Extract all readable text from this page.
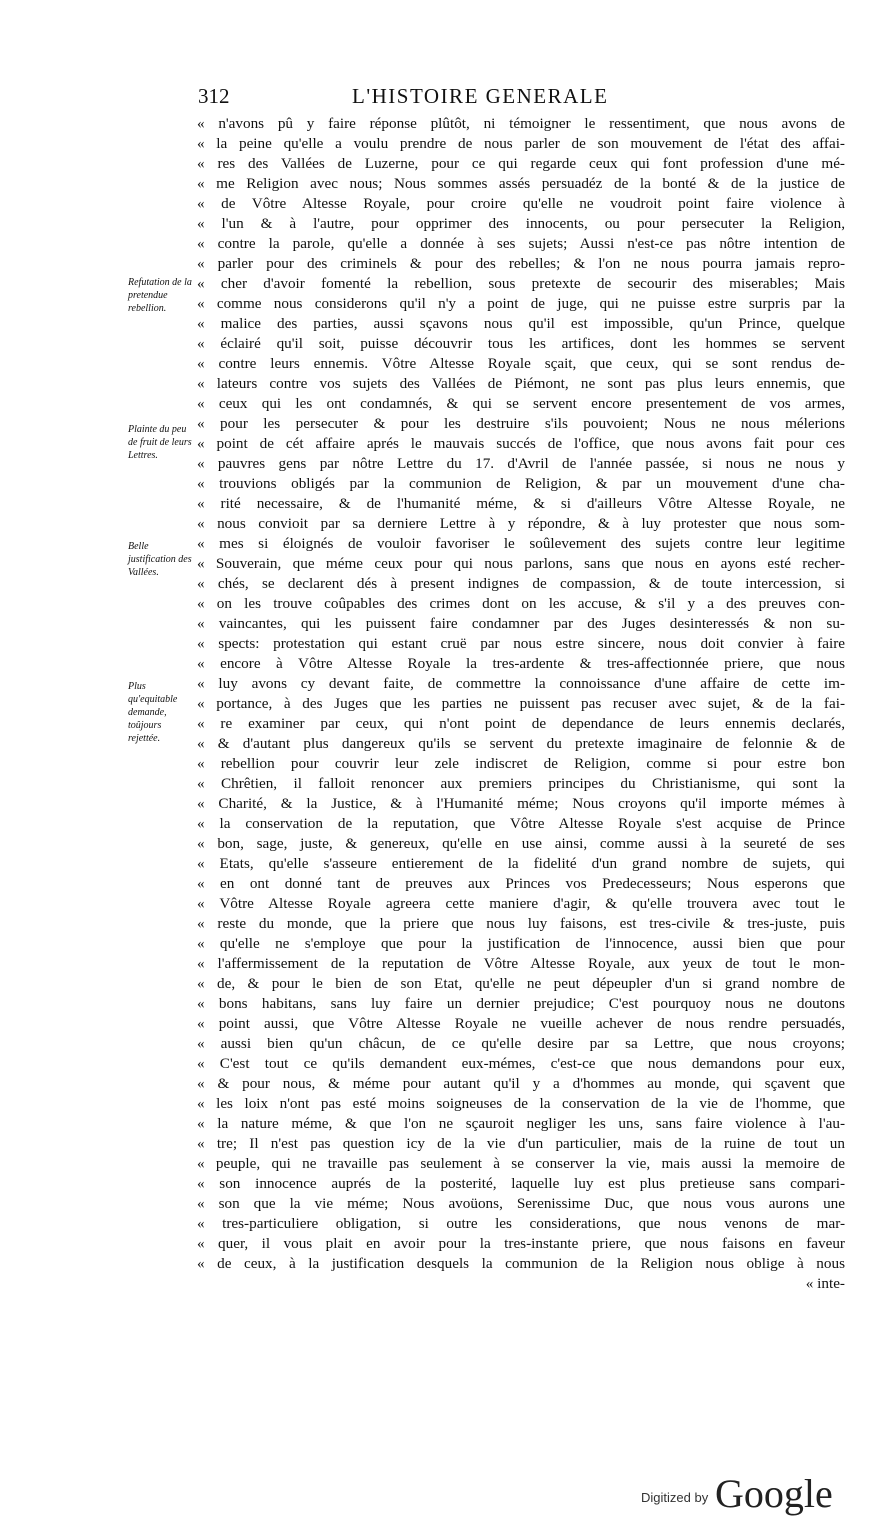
312	L'HISTOIRE GENERALE
Refutation de la pretendue rebellion.
Plainte du peu de fruit de leurs Lettres.
Belle justification des Vallées.
Plus qu'equitable demande, toûjours rejettée.
« n'avons pû y faire réponse plûtôt, ni témoigner le ressentiment, que nous avons de
« la peine qu'elle a voulu prendre de nous parler de son mouvement de l'état des affai-
« res des Vallées de Luzerne, pour ce qui regarde ceux qui font profession d'une mé-
« me Religion avec nous; Nous sommes assés persuadéz de la bonté & de la justice de
« de Vôtre Altesse Royale, pour croire qu'elle ne voudroit point faire violence à
« l'un & à l'autre, pour opprimer des innocents, ou pour persecuter la Religion,
« contre la parole, qu'elle a donnée à ses sujets; Aussi n'est-ce pas nôtre intention de
« parler pour des criminels & pour des rebelles; & l'on ne nous pourra jamais repro-
« cher d'avoir fomenté la rebellion, sous pretexte de secourir des miserables; Mais
« comme nous considerons qu'il n'y a point de juge, qui ne puisse estre surpris par la
« malice des parties, aussi sçavons nous qu'il est impossible, qu'un Prince, quelque
« éclairé qu'il soit, puisse découvrir tous les artifices, dont les hommes se servent
« contre leurs ennemis. Vôtre Altesse Royale sçait, que ceux, qui se sont rendus de-
« lateurs contre vos sujets des Vallées de Piémont, ne sont pas plus leurs ennemis, que
« ceux qui les ont condamnés, & qui se servent encore presentement de vos armes,
« pour les persecuter & pour les destruire s'ils pouvoient; Nous ne nous mélerions
« point de cét affaire aprés le mauvais succés de l'office, que nous avons fait pour ces
« pauvres gens par nôtre Lettre du 17. d'Avril de l'année passée, si nous ne nous y
« trouvions obligés par la communion de Religion, & par un mouvement d'une cha-
« rité necessaire, & de l'humanité méme, & si d'ailleurs Vôtre Altesse Royale, ne
« nous convioit par sa derniere Lettre à y répondre, & à luy protester que nous som-
« mes si éloignés de vouloir favoriser le soûlevement des sujets contre leur legitime
« Souverain, que méme ceux pour qui nous parlons, sans que nous en ayons esté recher-
« chés, se declarent dés à present indignes de compassion, & de toute intercession, si
« on les trouve coûpables des crimes dont on les accuse, & s'il y a des preuves con-
« vaincantes, qui les puissent faire condamner par des Juges desinteressés & non su-
« spects: protestation qui estant cruë par nous estre sincere, nous doit convier à faire
« encore à Vôtre Altesse Royale la tres-ardente & tres-affectionnée priere, que nous
« luy avons cy devant faite, de commettre la connoissance d'une affaire de cette im-
« portance, à des Juges que les parties ne puissent pas recuser avec sujet, & de la fai-
« re examiner par ceux, qui n'ont point de dependance de leurs ennemis declarés,
« & d'autant plus dangereux qu'ils se servent du pretexte imaginaire de felonnie & de
« rebellion pour couvrir leur zele indiscret de Religion, comme si pour estre bon
« Chrêtien, il falloit renoncer aux premiers principes du Christianisme, qui sont la
« Charité, & la Justice, & à l'Humanité méme; Nous croyons qu'il importe mémes à
« la conservation de la reputation, que Vôtre Altesse Royale s'est acquise de Prince
« bon, sage, juste, & genereux, qu'elle en use ainsi, comme aussi à la seureté de ses
« Etats, qu'elle s'asseure entierement de la fidelité d'un grand nombre de sujets, qui
« en ont donné tant de preuves aux Princes vos Predecesseurs; Nous esperons que
« Vôtre Altesse Royale agreera cette maniere d'agir, & qu'elle trouvera avec tout le
« reste du monde, que la priere que nous luy faisons, est tres-civile & tres-juste, puis
« qu'elle ne s'employe que pour la justification de l'innocence, aussi bien que pour
« l'affermissement de la reputation de Vôtre Altesse Royale, aux yeux de tout le mon-
« de, & pour le bien de son Etat, qu'elle ne peut dépeupler d'un si grand nombre de
« bons habitans, sans luy faire un dernier prejudice; C'est pourquoy nous ne doutons
« point aussi, que Vôtre Altesse Royale ne vueille achever de nous rendre persuadés,
« aussi bien qu'un châcun, de ce qu'elle desire par sa Lettre, que nous croyons;
« C'est tout ce qu'ils demandent eux-mémes, c'est-ce que nous demandons pour eux,
« & pour nous, & méme pour autant qu'il y a d'hommes au monde, qui sçavent que
« les loix n'ont pas esté moins soigneuses de la conservation de la vie de l'homme, que
« la nature méme, & que l'on ne sçauroit negliger les uns, sans faire violence à l'au-
« tre; Il n'est pas question icy de la vie d'un particulier, mais de la ruine de tout un
« peuple, qui ne travaille pas seulement à se conserver la vie, mais aussi la memoire de
« son innocence auprés de la posterité, laquelle luy est plus pretieuse sans compari-
« son que la vie méme; Nous avoüons, Serenissime Duc, que nous vous aurons une
« tres-particuliere obligation, si outre les considerations, que nous venons de mar-
« quer, il vous plait en avoir pour la tres-instante priere, que nous faisons en faveur
« de ceux, à la justification desquels la communion de la Religion nous oblige à nous
« inte-
Digitized by Google
